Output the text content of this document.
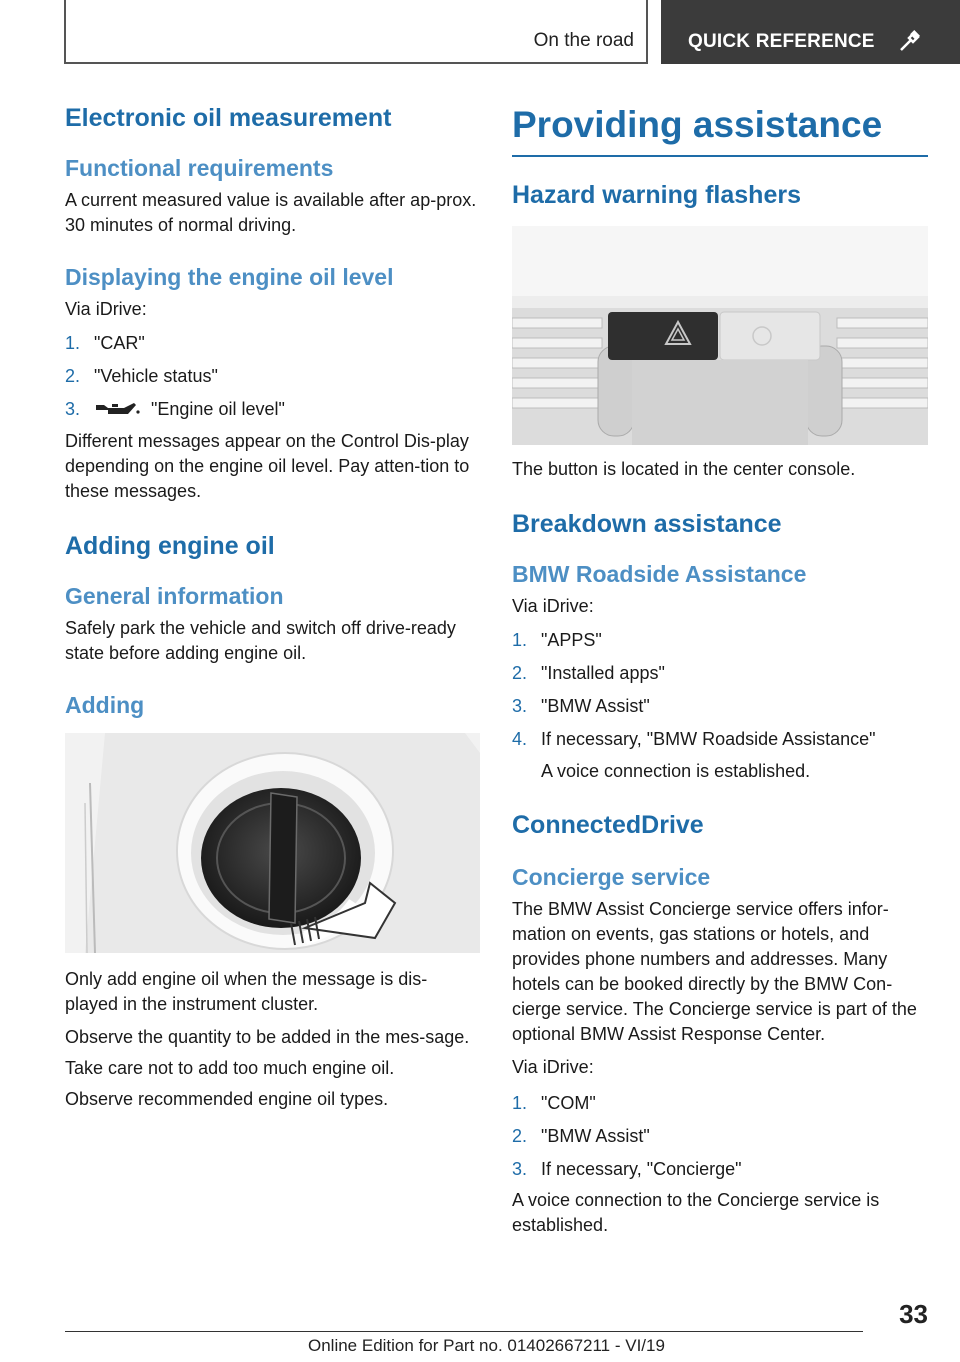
On the road	QUICK REFERENCE
Electronic oil measurement
Functional requirements

A current measured value is available after ap-prox. 30 minutes of normal driving.

Displaying the engine oil level

Via iDrive:

1. "CAR"
2. "Vehicle status"
3.	"Engine oil level"

Different messages appear on the Control Dis-play depending on the engine oil level. Pay atten-tion to these messages.

Adding engine oil
General information

Safely park the vehicle and switch off drive-ready state before adding engine oil.

Adding

Only add engine oil when the message is dis-played in the instrument cluster.

Observe the quantity to be added in the mes-sage.

Take care not to add too much engine oil.

Observe recommended engine oil types.

Providing assistance
Hazard warning flashers

The button is located in the center console.

Breakdown assistance
BMW Roadside Assistance

Via iDrive:

1. "APPS"
2. "Installed apps"
3. "BMW Assist"
4. If necessary, "BMW Roadside Assistance"

A voice connection is established.

ConnectedDrive
Concierge service

The BMW Assist Concierge service offers infor-mation on events, gas stations or hotels, and provides phone numbers and addresses. Many hotels can be booked directly by the BMW Con-cierge service. The Concierge service is part of the optional BMW Assist Response Center.

Via iDrive:

1. "COM"
2. "BMW Assist"
3. If necessary, "Concierge"

A voice connection to the Concierge service is established.

33
Online Edition for Part no. 01402667211 - VI/19
